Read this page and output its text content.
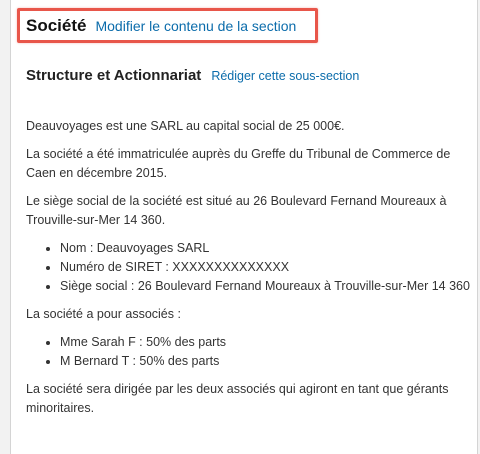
Société Modifier le contenu de la section
Structure et Actionnariat Rédiger cette sous-section

Deauvoyages est une SARL au capital social de 25 000€.

La société a été immatriculée auprès du Greffe du Tribunal de Commerce de Caen en décembre 2015.

Le siège social de la société est situé au 26 Boulevard Fernand Moureaux à Trouville-sur-Mer 14 360.

• Nom : Deauvoyages SARL
• Numéro de SIRET : XXXXXXXXXXXXXX
• Siège social : 26 Boulevard Fernand Moureaux à Trouville-sur-Mer 14 360

La société a pour associés :

• Mme Sarah F : 50% des parts
• M Bernard T : 50% des parts

La société sera dirigée par les deux associés qui agiront en tant que gérants minoritaires.
